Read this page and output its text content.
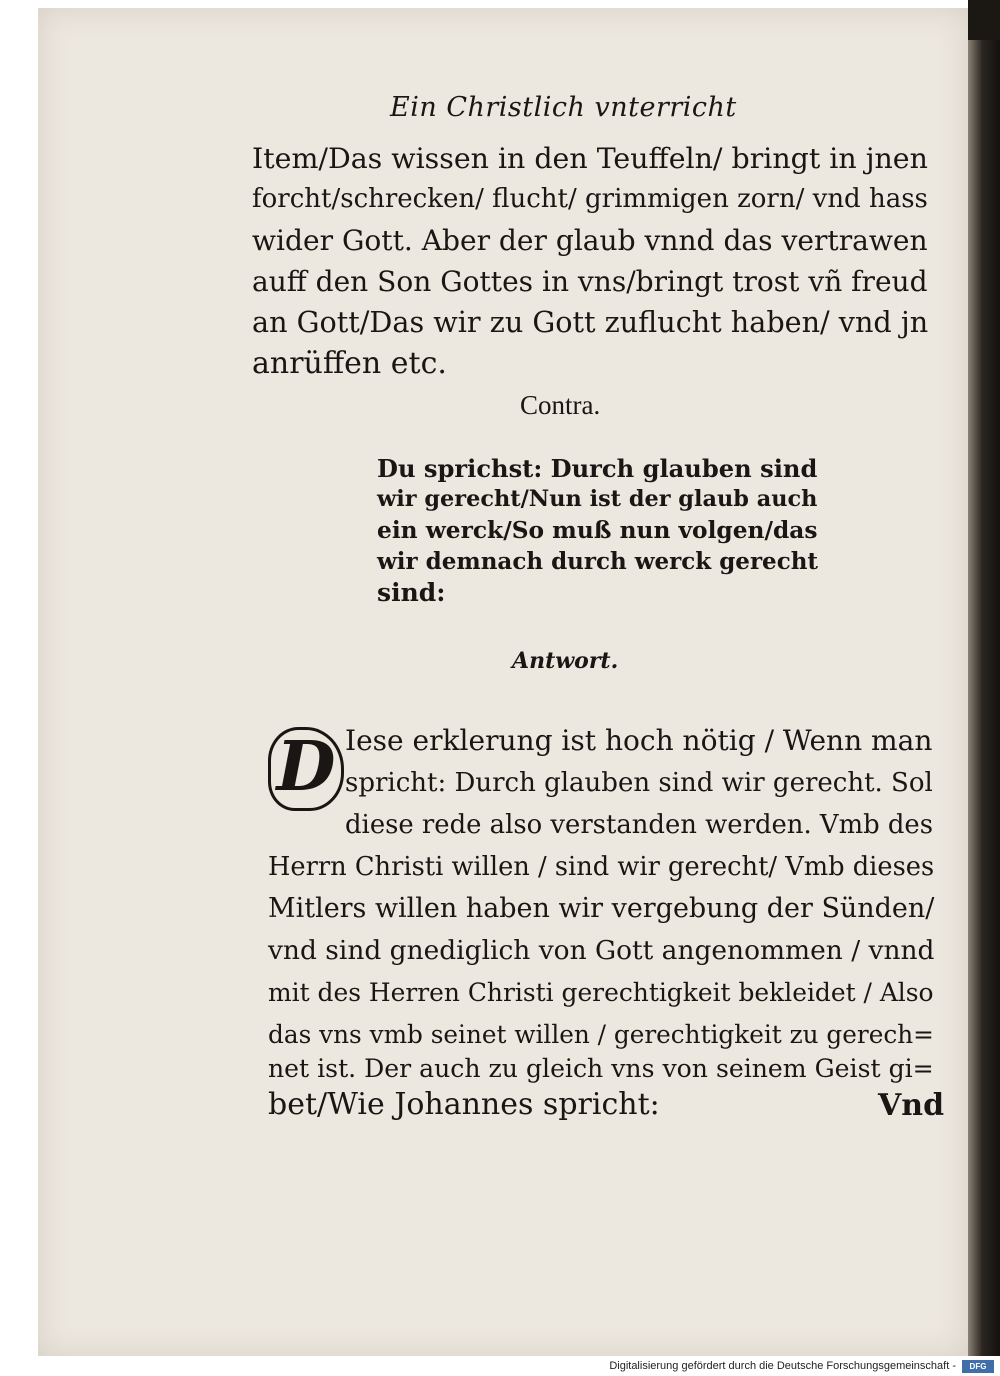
Ein Christlich vnterricht
Item/Das wissen in den Teuffeln/ bringt in jnen
forcht/schrecken/ flucht/ grimmigen zorn/ vnd hass
wider Gott. Aber der glaub vnnd das vertrawen
auff den Son Gottes in vns/bringt trost vñ freud
an Gott/Das wir zu Gott zuflucht haben/ vnd jn
anrüffen etc.
Contra.
Du sprichst: Durch glauben sind
wir gerecht/Nun ist der glaub auch
ein werck/So muß nun volgen/das
wir demnach durch werck gerecht
sind:
Antwort.
D Iese erklerung ist hoch nötig / Wenn man
spricht: Durch glauben sind wir gerecht. Sol
diese rede also verstanden werden. Vmb des
Herrn Christi willen / sind wir gerecht/ Vmb dieses
Mitlers willen haben wir vergebung der Sünden/
vnd sind gnediglich von Gott angenommen / vnnd
mit des Herren Christi gerechtigkeit bekleidet / Also
das vns vmb seinet willen / gerechtigkeit zu gerech=
net ist. Der auch zu gleich vns von seinem Geist gi=
bet/Wie Johannes spricht:	Vnd
Digitalisierung gefördert durch die Deutsche Forschungsgemeinschaft -	DFG
